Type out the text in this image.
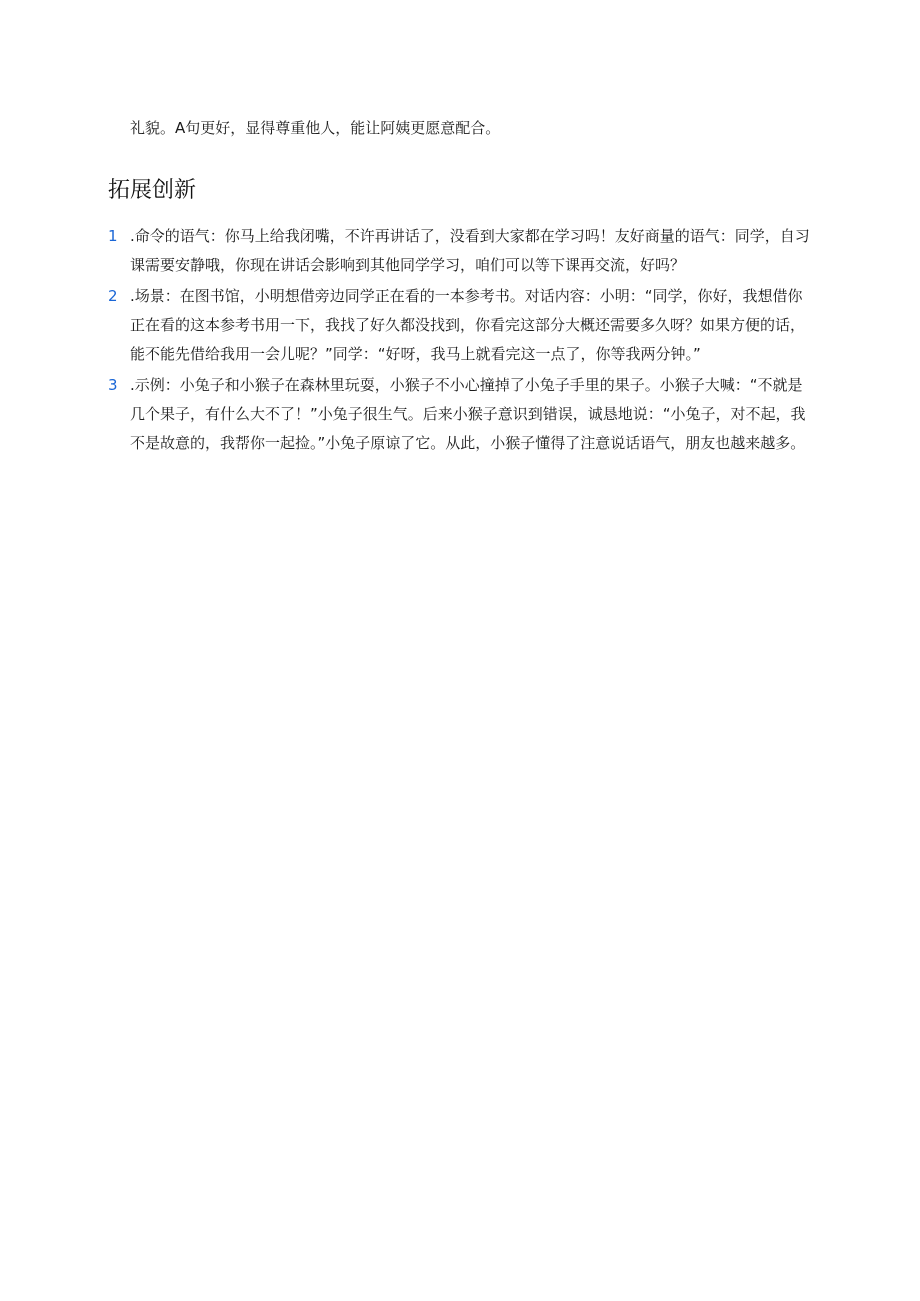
礼貌。A句更好，显得尊重他人，能让阿姨更愿意配合。
拓展创新
1 .命令的语气：你马上给我闭嘴，不许再讲话了，没看到大家都在学习吗！友好商量的语气：同学，自习课需要安静哦，你现在讲话会影响到其他同学学习，咱们可以等下课再交流，好吗？
2 .场景：在图书馆，小明想借旁边同学正在看的一本参考书。对话内容：小明：“同学，你好，我想借你正在看的这本参考书用一下，我找了好久都没找到，你看完这部分大概还需要多久呀？如果方便的话，能不能先借给我用一会儿呢？”同学：“好呀，我马上就看完这一点了，你等我两分钟。”
3 .示例：小兔子和小猴子在森林里玩耍，小猴子不小心撞掉了小兔子手里的果子。小猴子大喊：“不就是几个果子，有什么大不了！”小兔子很生气。后来小猴子意识到错误，诚恳地说：“小兔子，对不起，我不是故意的，我帮你一起捡。”小兔子原谅了它。从此，小猴子懂得了注意说话语气，朋友也越来越多。
